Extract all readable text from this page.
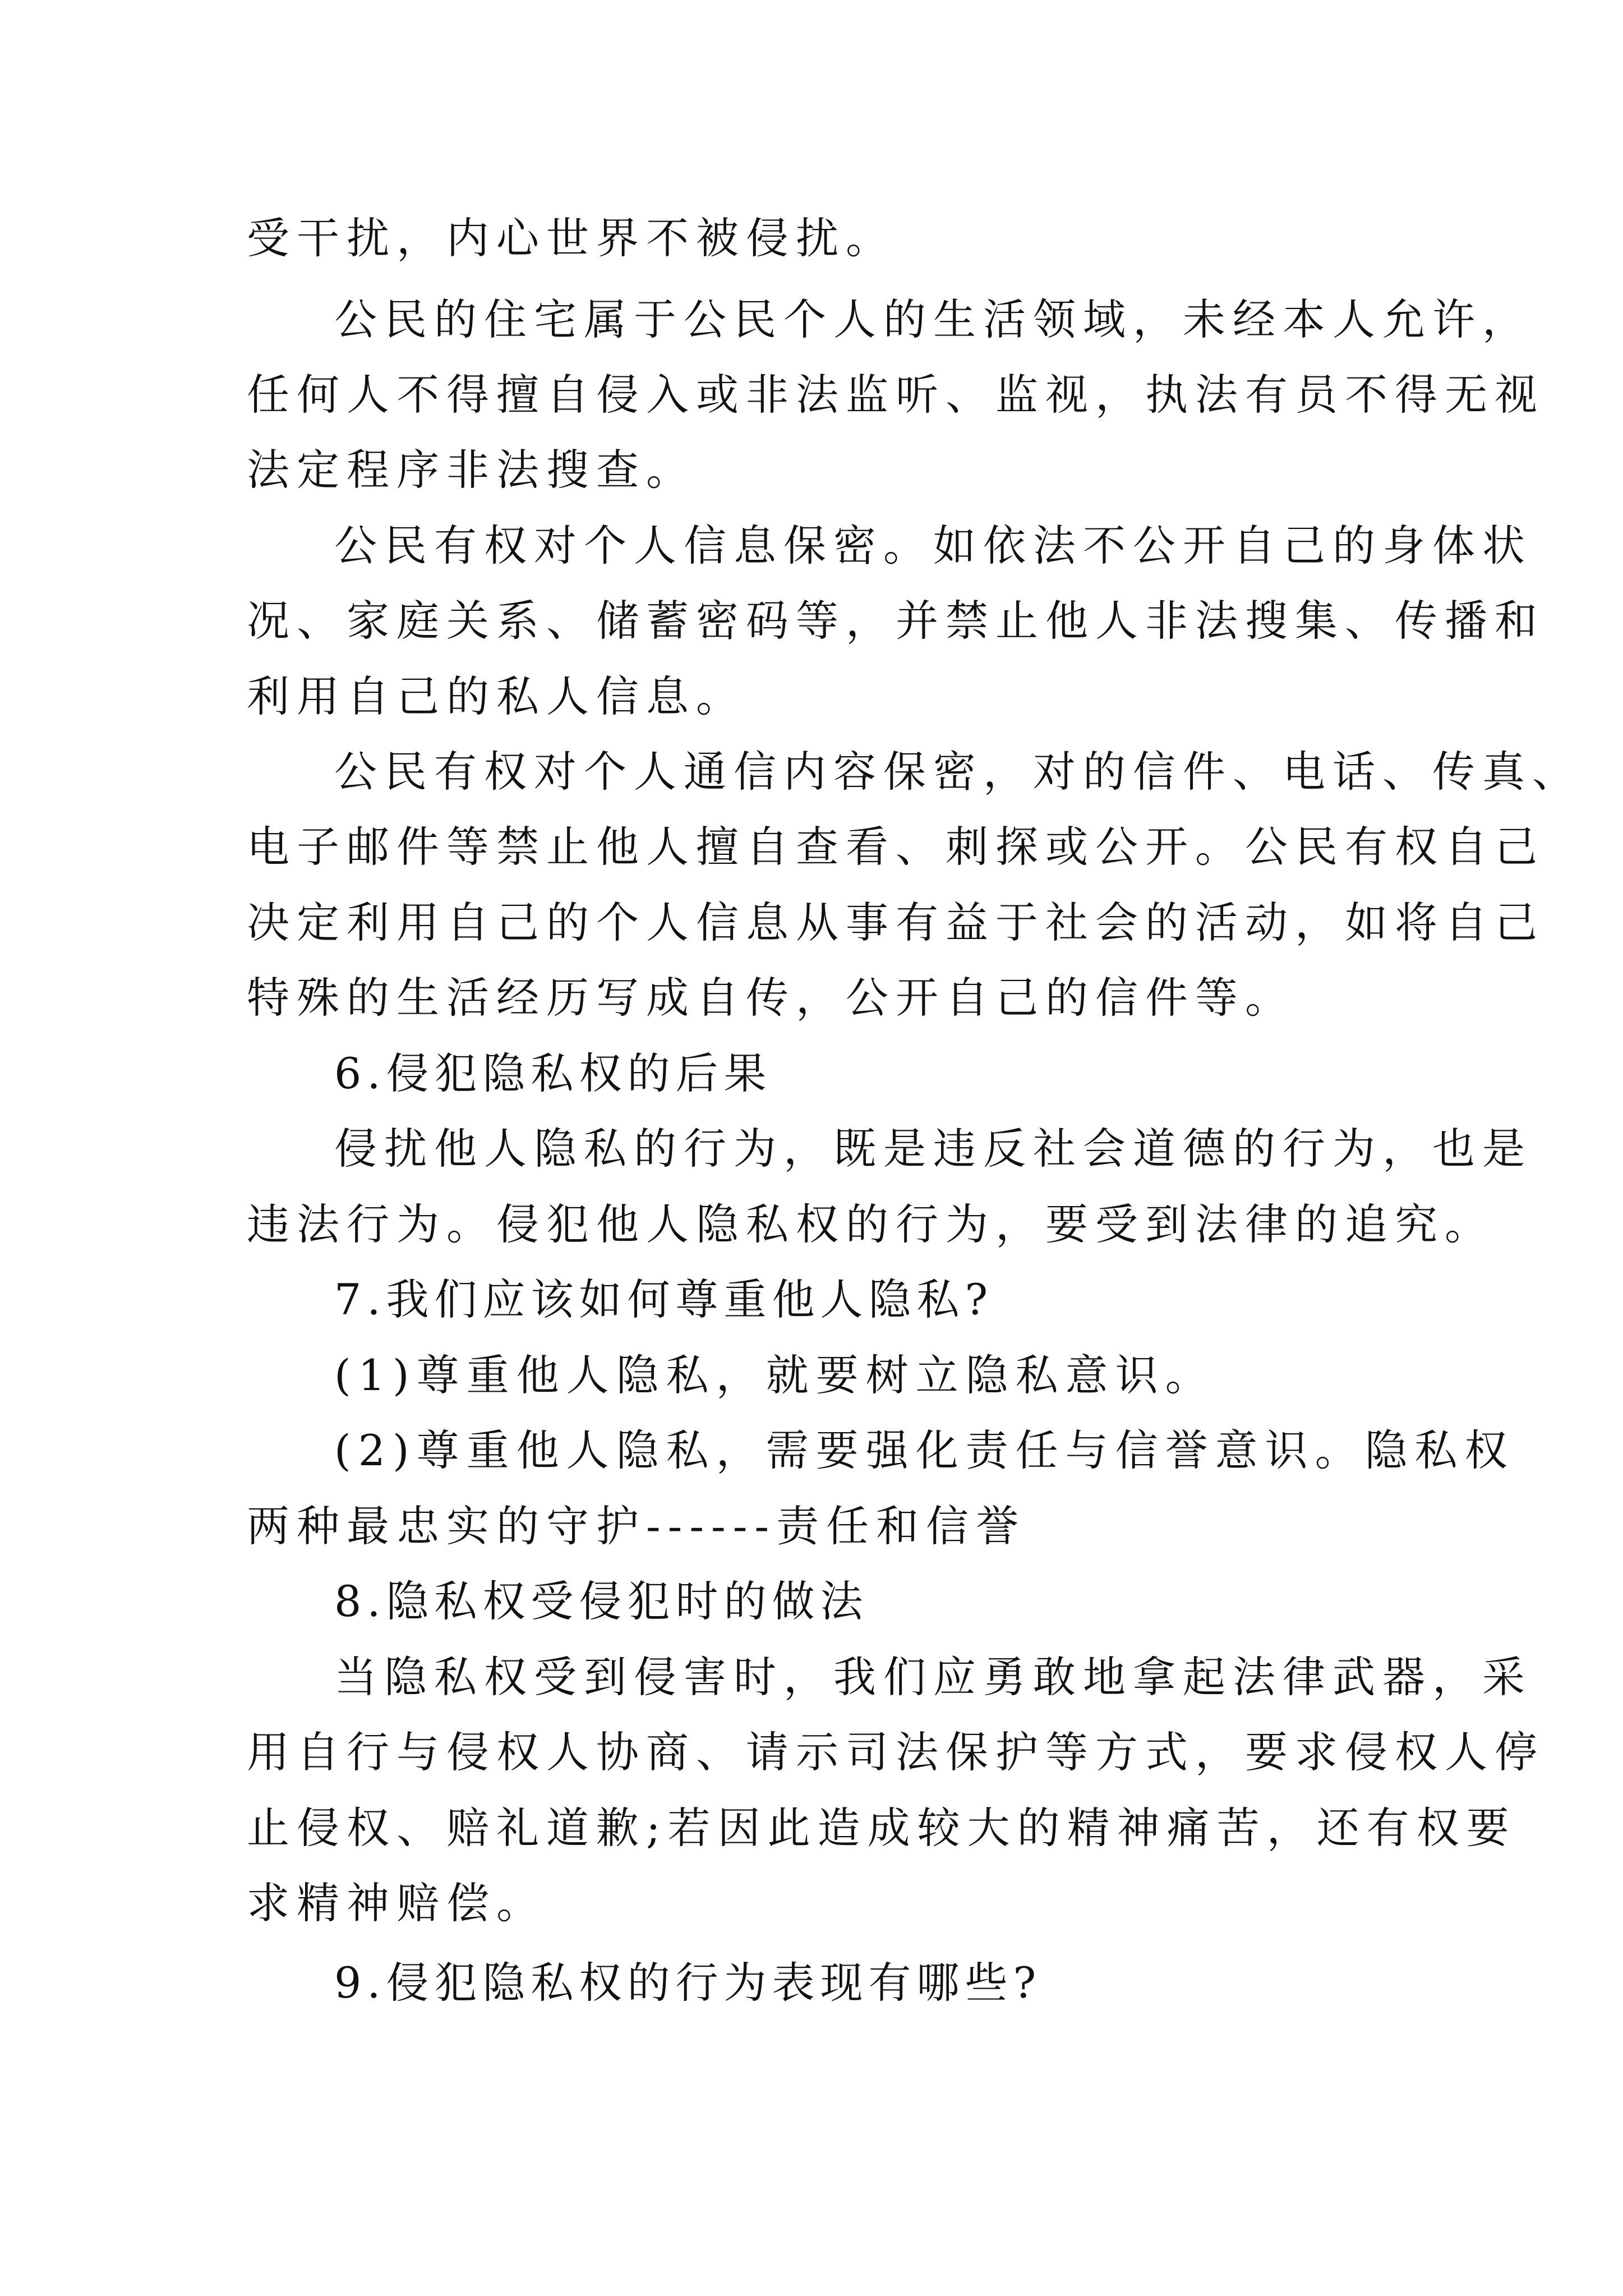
受干扰，内心世界不被侵扰。
公民的住宅属于公民个人的生活领域，未经本人允许，
任何人不得擅自侵入或非法监听、监视，执法有员不得无视
法定程序非法搜查。
公民有权对个人信息保密。如依法不公开自己的身体状
况、家庭关系、储蓄密码等，并禁止他人非法搜集、传播和
利用自己的私人信息。
公民有权对个人通信内容保密，对的信件、电话、传真、
电子邮件等禁止他人擅自查看、刺探或公开。公民有权自己
决定利用自己的个人信息从事有益于社会的活动，如将自己
特殊的生活经历写成自传，公开自己的信件等。
6.侵犯隐私权的后果
侵扰他人隐私的行为，既是违反社会道德的行为，也是
违法行为。侵犯他人隐私权的行为，要受到法律的追究。
7.我们应该如何尊重他人隐私?
(1)尊重他人隐私，就要树立隐私意识。
(2)尊重他人隐私，需要强化责任与信誉意识。隐私权
两种最忠实的守护------责任和信誉
8.隐私权受侵犯时的做法
当隐私权受到侵害时，我们应勇敢地拿起法律武器，采
用自行与侵权人协商、请示司法保护等方式，要求侵权人停
止侵权、赔礼道歉;若因此造成较大的精神痛苦，还有权要
求精神赔偿。
9.侵犯隐私权的行为表现有哪些?
